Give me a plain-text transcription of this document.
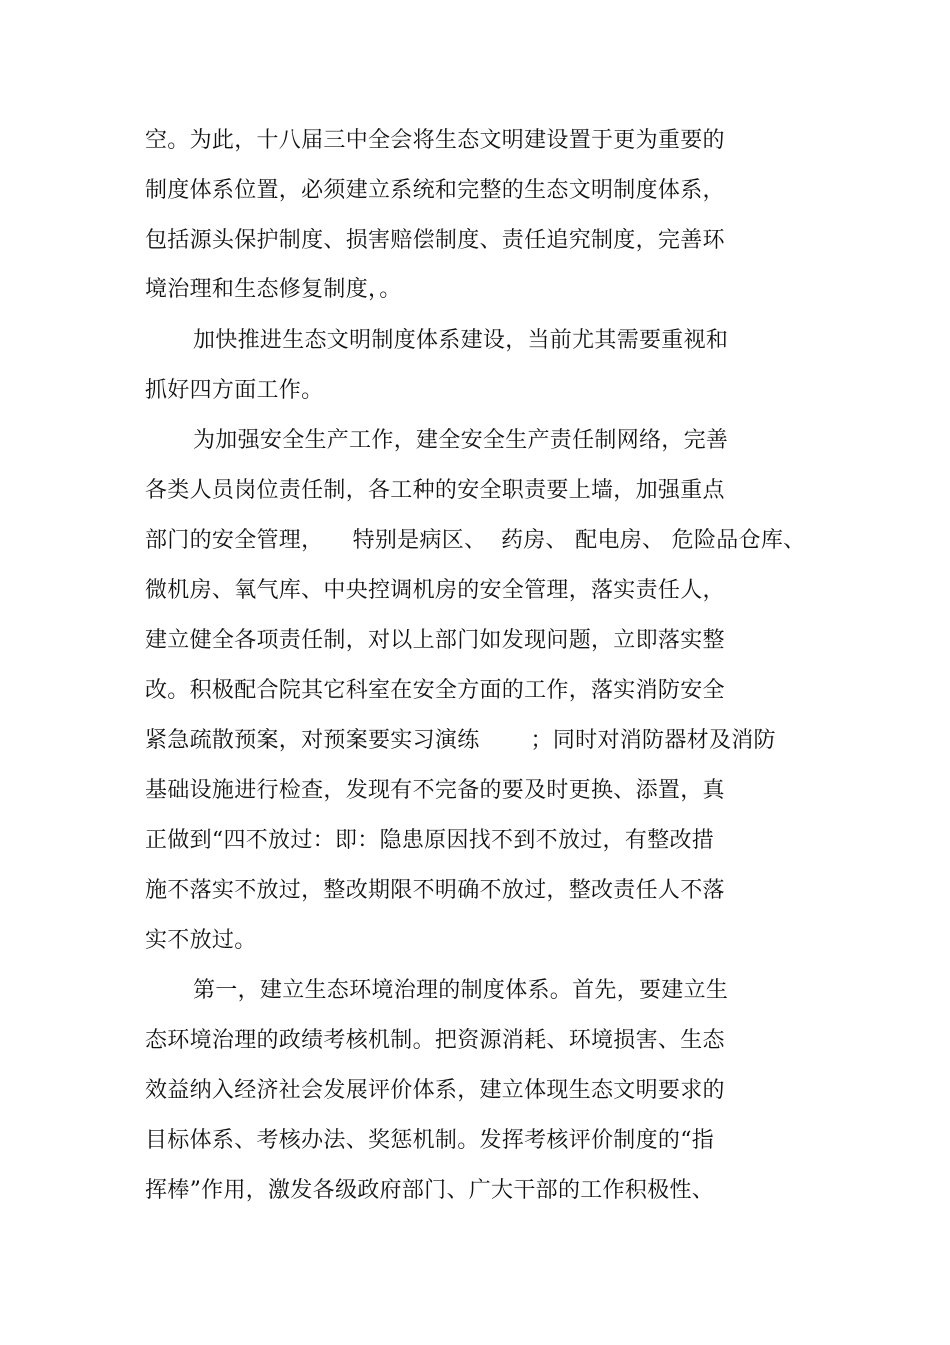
空。为此，十八届三中全会将生态文明建设置于更为重要的
制度体系位置，必须建立系统和完整的生态文明制度体系，
包括源头保护制度、损害赔偿制度、责任追究制度，完善环
境治理和生态修复制度，。
加快推进生态文明制度体系建设，当前尤其需要重视和
抓好四方面工作。
为加强安全生产工作，建全安全生产责任制网络，完善
各类人员岗位责任制，各工种的安全职责要上墙，加强重点
部门的安全管理，    特别是病区、  药房、 配电房、 危险品仓库、
微机房、氧气库、中央控调机房的安全管理，落实责任人，
建立健全各项责任制，对以上部门如发现问题，立即落实整
改。积极配合院其它科室在安全方面的工作，落实消防安全
紧急疏散预案，对预案要实习演练       ；同时对消防器材及消防
基础设施进行检查，发现有不完备的要及时更换、添置，真
正做到“四不放过：即：隐患原因找不到不放过，有整改措
施不落实不放过，整改期限不明确不放过，整改责任人不落
实不放过。
第一，建立生态环境治理的制度体系。首先，要建立生
态环境治理的政绩考核机制。把资源消耗、环境损害、生态
效益纳入经济社会发展评价体系，建立体现生态文明要求的
目标体系、考核办法、奖惩机制。发挥考核评价制度的“指
挥棒”作用，激发各级政府部门、广大干部的工作积极性、
